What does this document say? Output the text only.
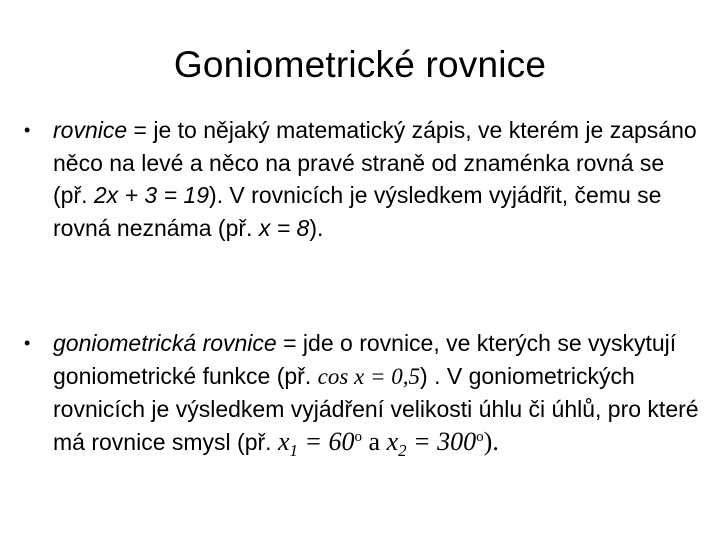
Goniometrické rovnice
• rovnice = je to nějaký matematický zápis, ve kterém je zapsáno něco na levé a něco na pravé straně od znaménka rovná se (př. 2x + 3 = 19). V rovnicích je výsledkem vyjádřit, čemu se rovná neznáma (př. x = 8).
• goniometrická rovnice = jde o rovnice, ve kterých se vyskytují goniometrické funkce (př. cos x = 0,5) . V goniometrických rovnicích je výsledkem vyjádření velikosti úhlu či úhlů, pro které má rovnice smysl (př. $x_1 = 60^o$ a $x_2 = 300^o$).
